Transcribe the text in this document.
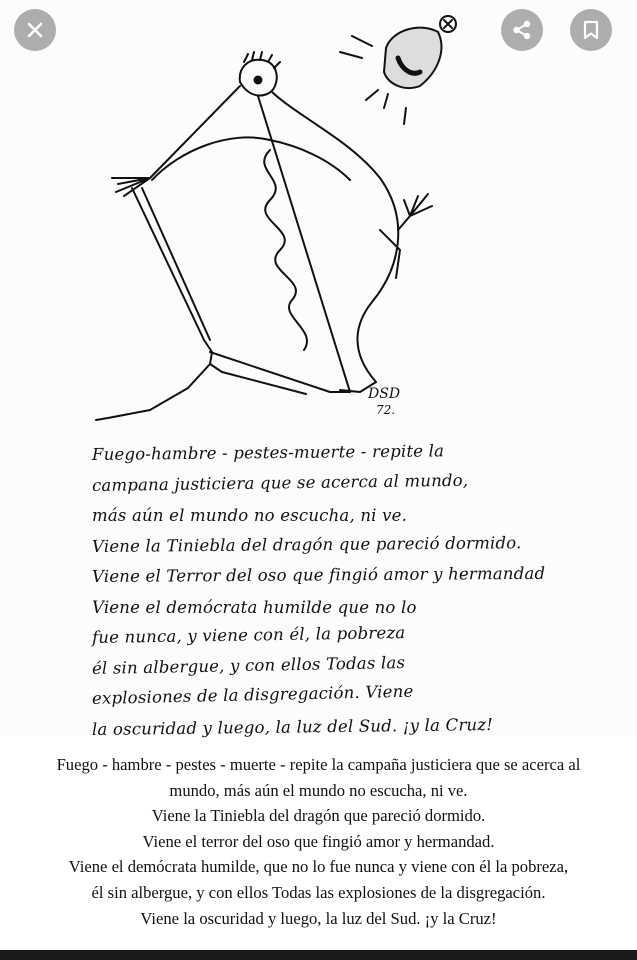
DSD
72.
Fuego-hambre - pestes-muerte - repite la
campana justiciera que se acerca al mundo,
más aún el mundo no escucha, ni ve.
Viene la Tiniebla del dragón que pareció dormido.
Viene el Terror del oso que fingió amor y hermandad
Viene el demócrata humilde que no lo
fue nunca, y viene con él, la pobreza
él sin albergue, y con ellos Todas las
explosiones de la disgregación. Viene
la oscuridad y luego, la luz del Sud. ¡y la Cruz!
Fuego - hambre - pestes - muerte - repite la campaña justiciera que se acerca al
mundo, más aún el mundo no escucha, ni ve.
Viene la Tiniebla del dragón que pareció dormido.
Viene el terror del oso que fingió amor y hermandad.
Viene el demócrata humilde, que no lo fue nunca y viene con él la pobreza,
él sin albergue, y con ellos Todas las explosiones de la disgregación.
Viene la oscuridad y luego, la luz del Sud. ¡y la Cruz!
